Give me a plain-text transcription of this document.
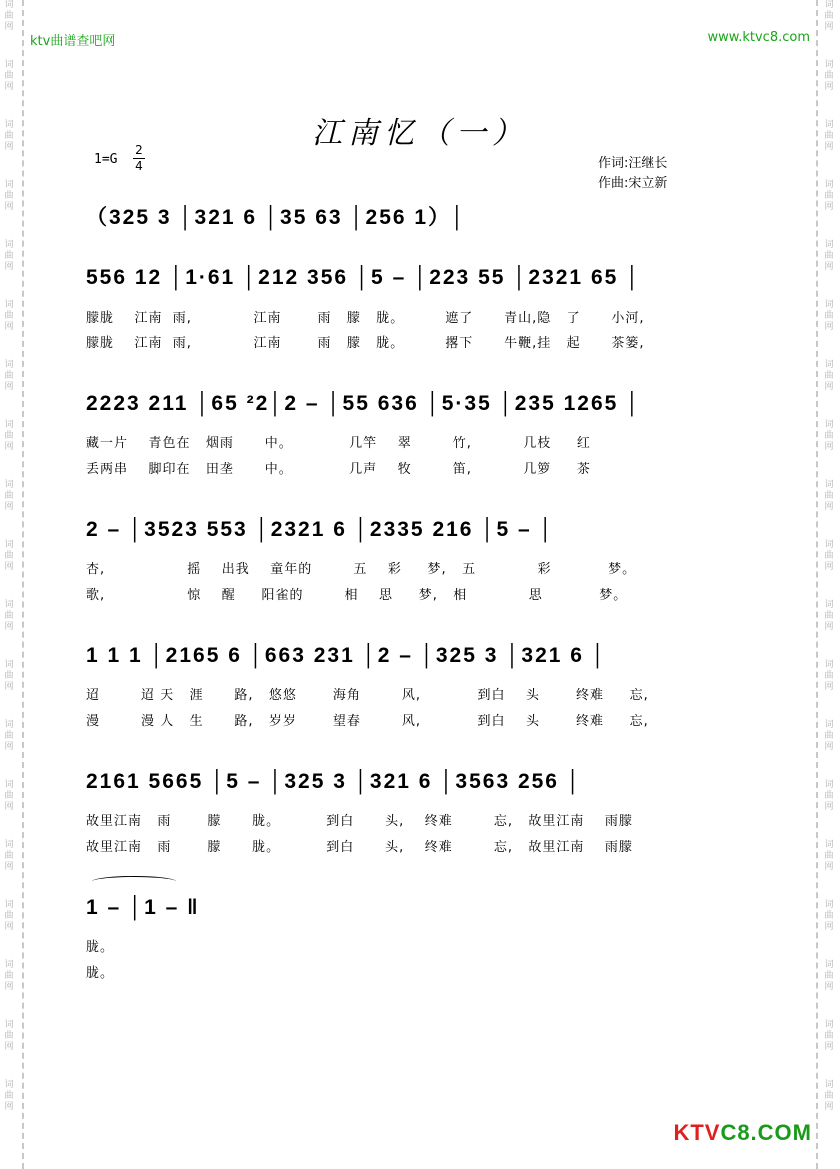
ktv曲谱查吧网	www.ktvc8.com
江南忆（一）
$1=G \frac{2}{4}$	作词:汪继长
作曲:宋立新
（325 3 │321 6 │35 63 │256 1）│
556 12 │1·61 │212 356 │5 – │223 55 │2321 65 │
朦胧    江南  雨,            江南       雨   朦   胧。        遮了      青山,隐   了      小河,
朦胧    江南  雨,            江南       雨   朦   胧。        撂下      牛鞭,挂   起      茶篓,
2223 211 │65 ²2│2 – │55 636 │5·35 │235 1265 │
藏一片    青色在   烟雨      中。           几竿    翠        竹,          几枝     红
丢两串    脚印在   田垄      中。           几声    牧        笛,          几箩     茶
2 – │3523 553 │2321 6 │2335 216 │5 – │
杏,                摇    出我    童年的        五    彩     梦,   五            彩           梦。
歌,                惊    醒     阳雀的        相    思     梦,   相            思           梦。
1 1 1 │2165 6 │663 231 │2 – │325 3 │321 6 │
迢        迢 天   涯      路,   悠悠       海角        风,           到白    头       终难     忘,
漫        漫 人   生      路,   岁岁       望春        风,           到白    头       终难     忘,
2161 5665 │5 – │325 3 │321 6 │3563 256 │
故里江南   雨       朦      胧。         到白      头,    终难        忘,   故里江南    雨朦
故里江南   雨       朦      胧。         到白      头,    终难        忘,   故里江南    雨朦
1 – │1 – ‖
胧。
胧。
词
曲
网
词
曲
网
词
曲
网
词
曲
网
词
曲
网
词
曲
网
词
曲
网
词
曲
网
词
曲
网
词
曲
网
词
曲
网
词
曲
网
词
曲
网
词
曲
网
词
曲
网
词
曲
网
词
曲
网
词
曲
网
词
曲
网
词
曲
网
词
曲
网
词
曲
网
词
曲
网
词
曲
网
词
曲
网
词
曲
网
词
曲
网
词
曲
网
词
曲
网
词
曲
网
词
曲
网
词
曲
网
词
曲
网
词
曲
网
词
曲
网
词
曲
网
词
曲
网
词
曲
网
KTVC8.COM
